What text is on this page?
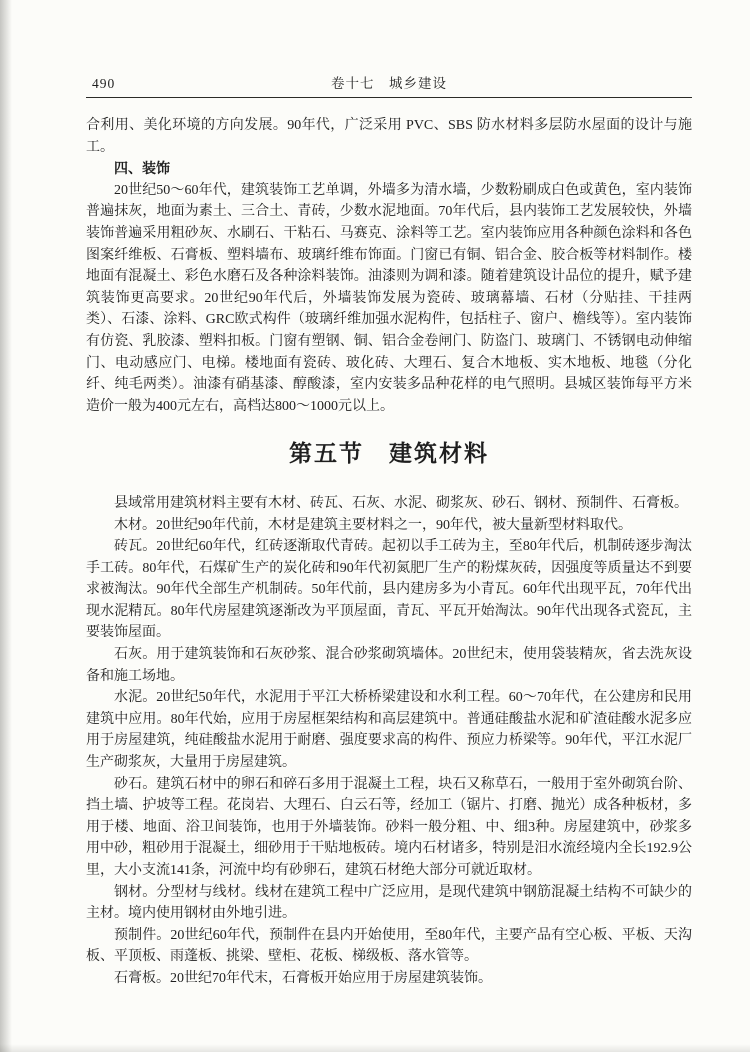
490	卷十七　城乡建设

合利用、美化环境的方向发展。90年代，广泛采用 PVC、SBS 防水材料多层防水屋面的设计与施工。

四、装饰

20世纪50～60年代，建筑装饰工艺单调，外墙多为清水墙，少数粉刷成白色或黄色，室内装饰普遍抹灰，地面为素土、三合土、青砖，少数水泥地面。70年代后，县内装饰工艺发展较快，外墙装饰普遍采用粗砂灰、水刷石、干粘石、马赛克、涂料等工艺。室内装饰应用各种颜色涂料和各色图案纤维板、石膏板、塑料墙布、玻璃纤维布饰面。门窗已有铜、铝合金、胶合板等材料制作。楼地面有混凝土、彩色水磨石及各种涂料装饰。油漆则为调和漆。随着建筑设计品位的提升，赋予建筑装饰更高要求。20世纪90年代后，外墙装饰发展为瓷砖、玻璃幕墙、石材（分贴挂、干挂两类）、石漆、涂料、GRC欧式构件（玻璃纤维加强水泥构件，包括柱子、窗户、檐线等）。室内装饰有仿瓷、乳胶漆、塑料扣板。门窗有塑钢、铜、铝合金卷闸门、防盗门、玻璃门、不锈钢电动伸缩门、电动感应门、电梯。楼地面有瓷砖、玻化砖、大理石、复合木地板、实木地板、地毯（分化纤、纯毛两类）。油漆有硝基漆、醇酸漆，室内安装多品种花样的电气照明。县城区装饰每平方米造价一般为400元左右，高档达800～1000元以上。

第五节　建筑材料

县域常用建筑材料主要有木材、砖瓦、石灰、水泥、砌浆灰、砂石、钢材、预制件、石膏板。

木材。20世纪90年代前，木材是建筑主要材料之一，90年代，被大量新型材料取代。

砖瓦。20世纪60年代，红砖逐渐取代青砖。起初以手工砖为主，至80年代后，机制砖逐步淘汰手工砖。80年代，石煤矿生产的炭化砖和90年代初氮肥厂生产的粉煤灰砖，因强度等质量达不到要求被淘汰。90年代全部生产机制砖。50年代前，县内建房多为小青瓦。60年代出现平瓦，70年代出现水泥精瓦。80年代房屋建筑逐渐改为平顶屋面，青瓦、平瓦开始淘汰。90年代出现各式瓷瓦，主要装饰屋面。

石灰。用于建筑装饰和石灰砂浆、混合砂浆砌筑墙体。20世纪末，使用袋装精灰，省去洗灰设备和施工场地。

水泥。20世纪50年代，水泥用于平江大桥桥梁建设和水利工程。60～70年代，在公建房和民用建筑中应用。80年代始，应用于房屋框架结构和高层建筑中。普通硅酸盐水泥和矿渣硅酸水泥多应用于房屋建筑，纯硅酸盐水泥用于耐磨、强度要求高的构件、预应力桥梁等。90年代，平江水泥厂生产砌浆灰，大量用于房屋建筑。

砂石。建筑石材中的卵石和碎石多用于混凝土工程，块石又称草石，一般用于室外砌筑台阶、挡土墙、护坡等工程。花岗岩、大理石、白云石等，经加工（锯片、打磨、抛光）成各种板材，多用于楼、地面、浴卫间装饰，也用于外墙装饰。砂料一般分粗、中、细3种。房屋建筑中，砂浆多用中砂，粗砂用于混凝土，细砂用于干贴地板砖。境内石材诸多，特别是汨水流经境内全长192.9公里，大小支流141条，河流中均有砂卵石，建筑石材绝大部分可就近取材。

钢材。分型材与线材。线材在建筑工程中广泛应用，是现代建筑中钢筋混凝土结构不可缺少的主材。境内使用钢材由外地引进。

预制件。20世纪60年代，预制件在县内开始使用，至80年代，主要产品有空心板、平板、天沟板、平顶板、雨蓬板、挑梁、壁柜、花板、梯级板、落水管等。

石膏板。20世纪70年代末，石膏板开始应用于房屋建筑装饰。
